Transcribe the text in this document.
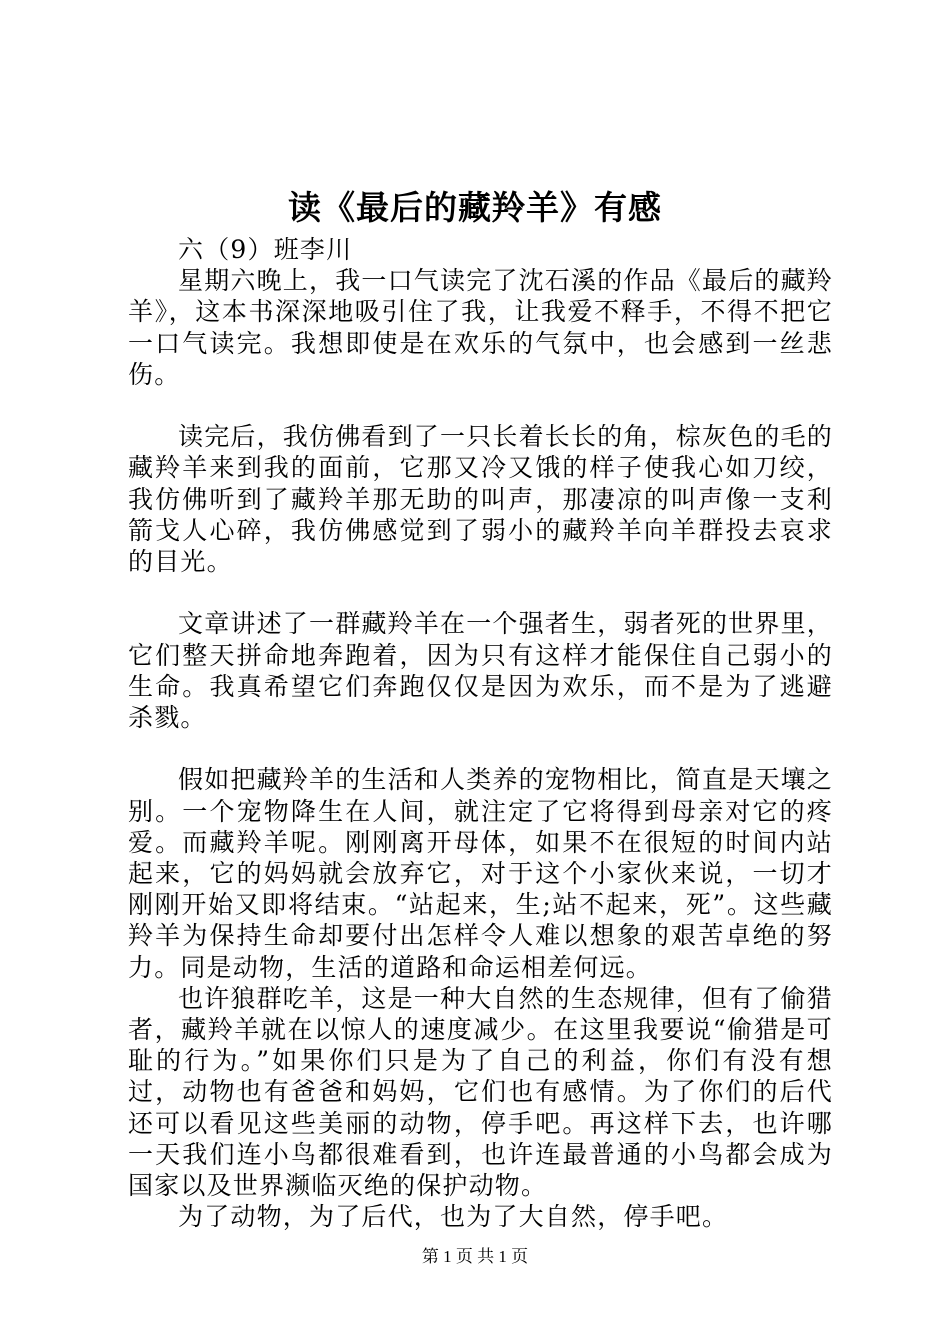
读《最后的藏羚羊》有感

六（9）班李川

星期六晚上，我一口气读完了沈石溪的作品《最后的藏羚羊》，这本书深深地吸引住了我，让我爱不释手，不得不把它一口气读完。我想即使是在欢乐的气氛中，也会感到一丝悲伤。

读完后，我仿佛看到了一只长着长长的角，棕灰色的毛的藏羚羊来到我的面前，它那又冷又饿的样子使我心如刀绞，我仿佛听到了藏羚羊那无助的叫声，那凄凉的叫声像一支利箭戈人心碎，我仿佛感觉到了弱小的藏羚羊向羊群投去哀求的目光。

文章讲述了一群藏羚羊在一个强者生，弱者死的世界里，它们整天拼命地奔跑着，因为只有这样才能保住自己弱小的生命。我真希望它们奔跑仅仅是因为欢乐，而不是为了逃避杀戮。

假如把藏羚羊的生活和人类养的宠物相比，简直是天壤之别。一个宠物降生在人间，就注定了它将得到母亲对它的疼爱。而藏羚羊呢。刚刚离开母体，如果不在很短的时间内站起来，它的妈妈就会放弃它，对于这个小家伙来说，一切才刚刚开始又即将结束。“站起来，生;站不起来，死”。这些藏羚羊为保持生命却要付出怎样令人难以想象的艰苦卓绝的努力。同是动物，生活的道路和命运相差何远。

也许狼群吃羊，这是一种大自然的生态规律，但有了偷猎者，藏羚羊就在以惊人的速度减少。在这里我要说“偷猎是可耻的行为。”如果你们只是为了自己的利益，你们有没有想过，动物也有爸爸和妈妈，它们也有感情。为了你们的后代还可以看见这些美丽的动物，停手吧。再这样下去，也许哪一天我们连小鸟都很难看到，也许连最普通的小鸟都会成为国家以及世界濒临灭绝的保护动物。

为了动物，为了后代，也为了大自然，停手吧。

第 1 页 共 1 页
